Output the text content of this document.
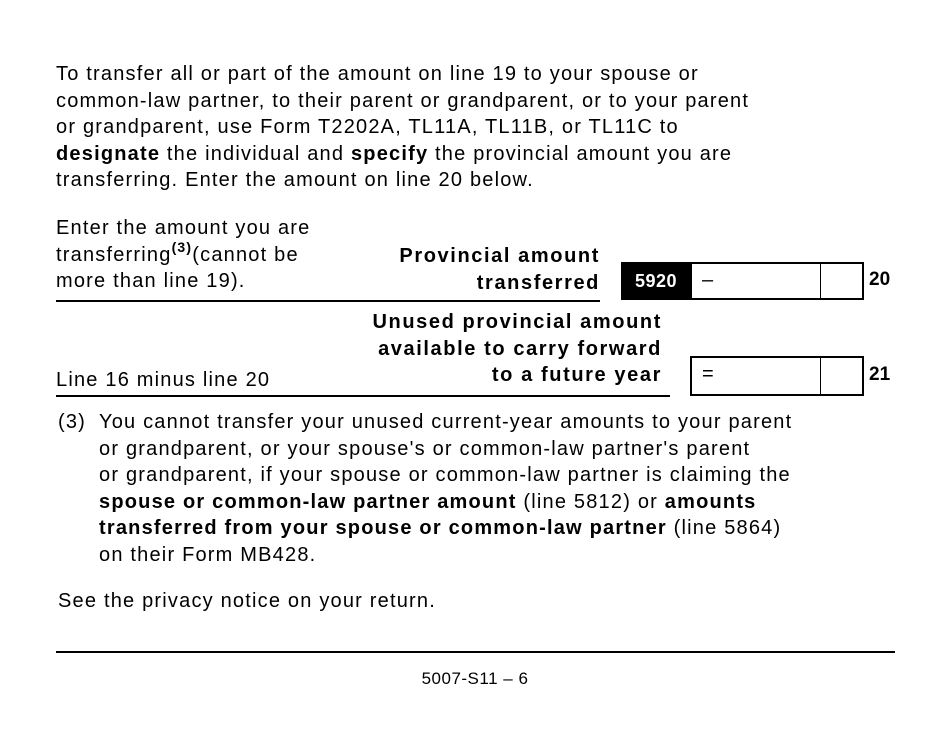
To transfer all or part of the amount on line 19 to your spouse or
common-law partner, to their parent or grandparent, or to your parent
or grandparent, use Form T2202A, TL11A, TL11B, or TL11C to
designate the individual and specify the provincial amount you are
transferring. Enter the amount on line 20 below.
Enter the amount you are
transferring$^{(3)}$(cannot be
more than line 19).
Provincial amount
transferred	5920	–	20
Unused provincial amount
available to carry forward
to a future year
Line 16 minus line 20	=	21
(3) You cannot transfer your unused current-year amounts to your parent
or grandparent, or your spouse's or common-law partner's parent
or grandparent, if your spouse or common-law partner is claiming the
spouse or common-law partner amount (line 5812) or amounts
transferred from your spouse or common-law partner (line 5864)
on their Form MB428.
See the privacy notice on your return.
5007-S11 – 6
